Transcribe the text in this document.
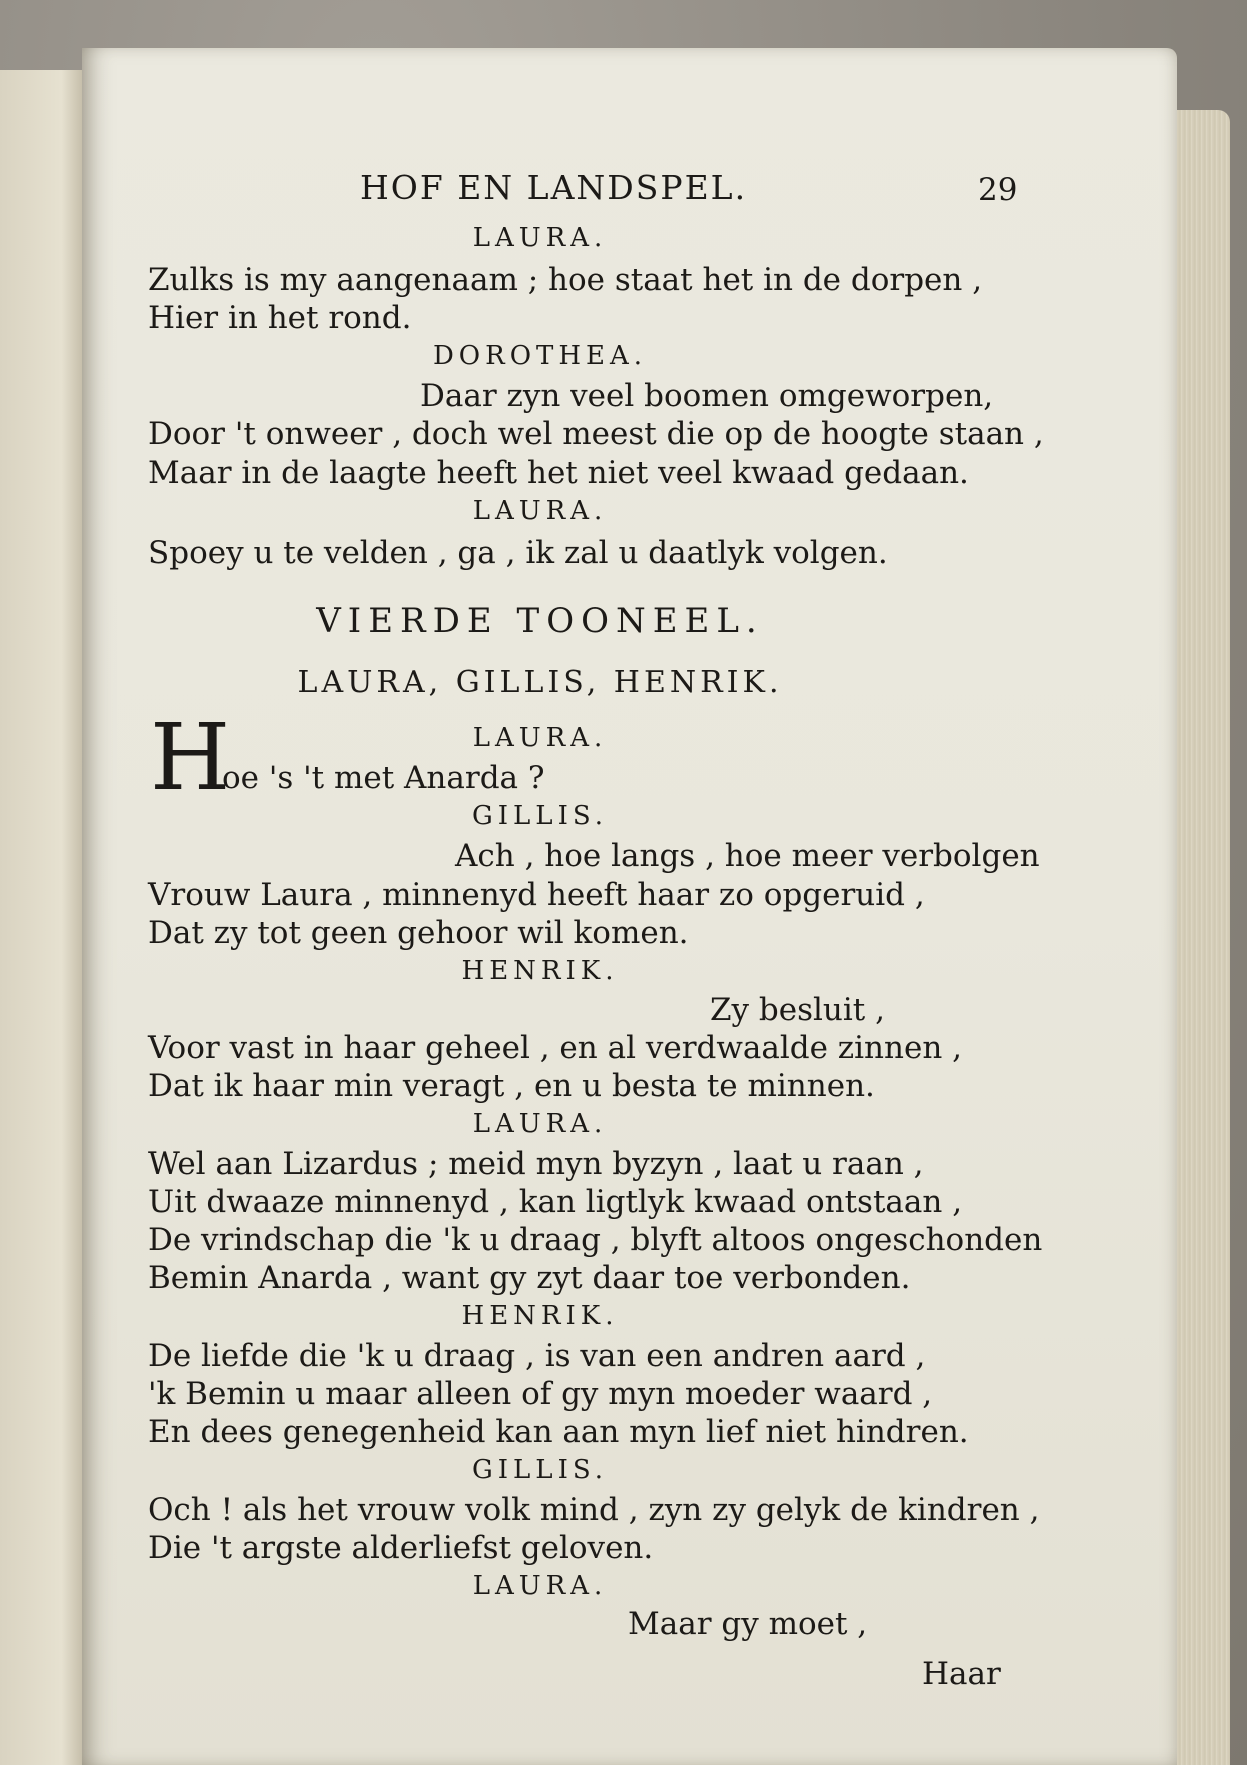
HOF EN LANDSPEL.	29
LAURA.
Zulks is my aangenaam ; hoe staat het in de dorpen ,
Hier in het rond.
DOROTHEA.
Daar zyn veel boomen omgeworpen,
Door 't onweer , doch wel meest die op de hoogte staan ,
Maar in de laagte heeft het niet veel kwaad gedaan.
LAURA.
Spoey u te velden , ga , ik zal u daatlyk volgen.
VIERDE TOONEEL.
LAURA, GILLIS, HENRIK.
H	LAURA.
oe 's 't met Anarda ?
GILLIS.
Ach , hoe langs , hoe meer verbolgen
Vrouw Laura , minnenyd heeft haar zo opgeruid ,
Dat zy tot geen gehoor wil komen.
HENRIK.
Zy besluit ,
Voor vast in haar geheel , en al verdwaalde zinnen ,
Dat ik haar min veragt , en u besta te minnen.
LAURA.
Wel aan Lizardus ; meid myn byzyn , laat u raan ,
Uit dwaaze minnenyd , kan ligtlyk kwaad ontstaan ,
De vrindschap die 'k u draag , blyft altoos ongeschonden
Bemin Anarda , want gy zyt daar toe verbonden.
HENRIK.
De liefde die 'k u draag , is van een andren aard ,
'k Bemin u maar alleen of gy myn moeder waard ,
En dees genegenheid kan aan myn lief niet hindren.
GILLIS.
Och ! als het vrouw volk mind , zyn zy gelyk de kindren ,
Die 't argste alderliefst geloven.
LAURA.
Maar gy moet ,
Haar
